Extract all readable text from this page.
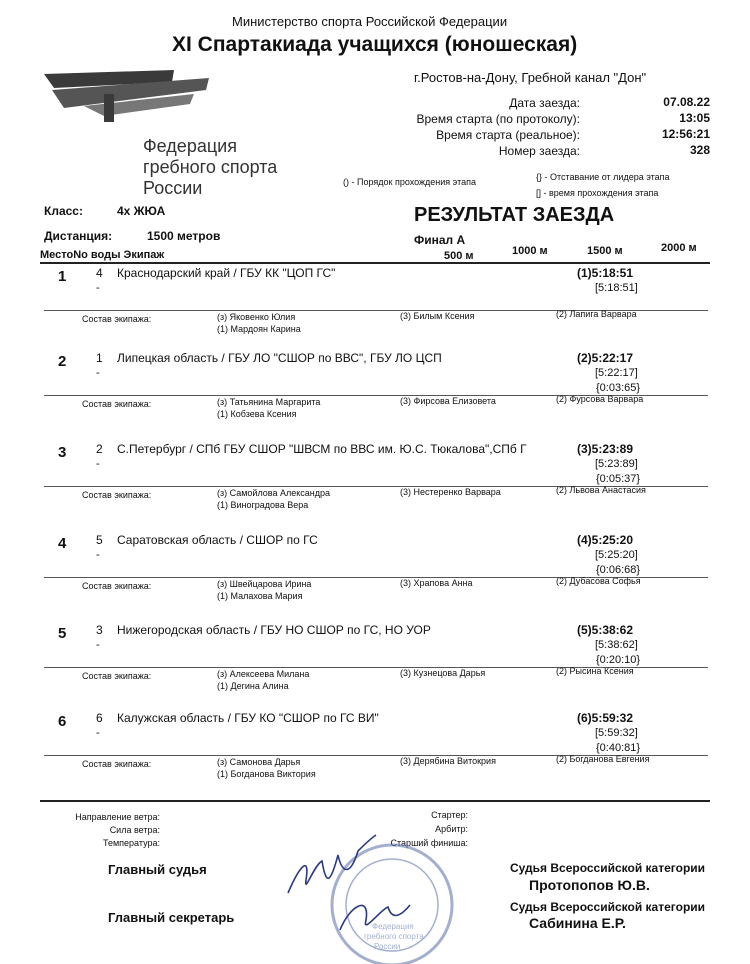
Министерство спорта Российской Федерации
XI Спартакиада учащихся (юношеская)
Федерация
гребного спорта
России
г.Ростов-на-Дону, Гребной канал "Дон"
Дата заезда:	07.08.22
Время старта (по протоколу):	13:05
Время старта (реальное):	12:56:21
Номер заезда:	328
() - Порядок прохождения этапа	{} - Отставание от лидера этапа
[] - время прохождения этапа
Класс:	4х ЖЮА
Дистанция:	1500 метров
РЕЗУЛЬТАТ ЗАЕЗДА
Финал А
МестоNo воды Экипаж	500 м	1000 м	1500 м	2000 м
1 4 Краснодарский край / ГБУ КК "ЦОП ГС"
-
(1)5:18:51
[5:18:51]
Состав экипажа:	(з) Яковенко Юлия
(1) Мардоян Карина
(3) Билым Ксения	(2) Лапига Варвара
2 1 Липецкая область / ГБУ ЛО "СШОР по ВВС", ГБУ ЛО ЦСП
-
(2)5:22:17
[5:22:17]
{0:03:65}
Состав экипажа:	(з) Татьянина Маргарита
(1) Кобзева Ксения
(3) Фирсова Елизовета	(2) Фурсова Варвара
3 2 С.Петербург / СПб ГБУ СШОР "ШВСМ по ВВС им. Ю.С. Тюкалова",СПб Г
-
(3)5:23:89
[5:23:89]
{0:05:37}
Состав экипажа:	(з) Самойлова Александра
(1) Виноградова Вера
(3) Нестеренко Варвара	(2) Львова Анастасия
4 5 Саратовская область / СШОР по ГС
-
(4)5:25:20
[5:25:20]
{0:06:68}
Состав экипажа:	(з) Швейцарова Ирина
(1) Малахова Мария
(3) Храпова Анна	(2) Дубасова Софья
5 3 Нижегородская область / ГБУ НО СШОР по ГС, НО УОР
-
(5)5:38:62
[5:38:62]
{0:20:10}
Состав экипажа:	(з) Алексеева Милана
(1) Дегина Алина
(3) Кузнецова Дарья	(2) Рысина Ксения
6 6 Калужская область / ГБУ КО "СШОР по ГС ВИ"
-
(6)5:59:32
[5:59:32]
{0:40:81}
Состав экипажа:	(з) Самонова Дарья
(1) Богданова Виктория
(3) Дерябина Витокрия	(2) Богданова Евгения
Направление ветра:
Сила ветра:
Температура:
Стартер:
Арбитр:
Старший финиша:
Главный судья
Главный секретарь
Судья Всероссийской категории
Протопопов Ю.В.
Судья Всероссийской категории
Сабинина Е.Р.
Федерация
гребного спорта
России
